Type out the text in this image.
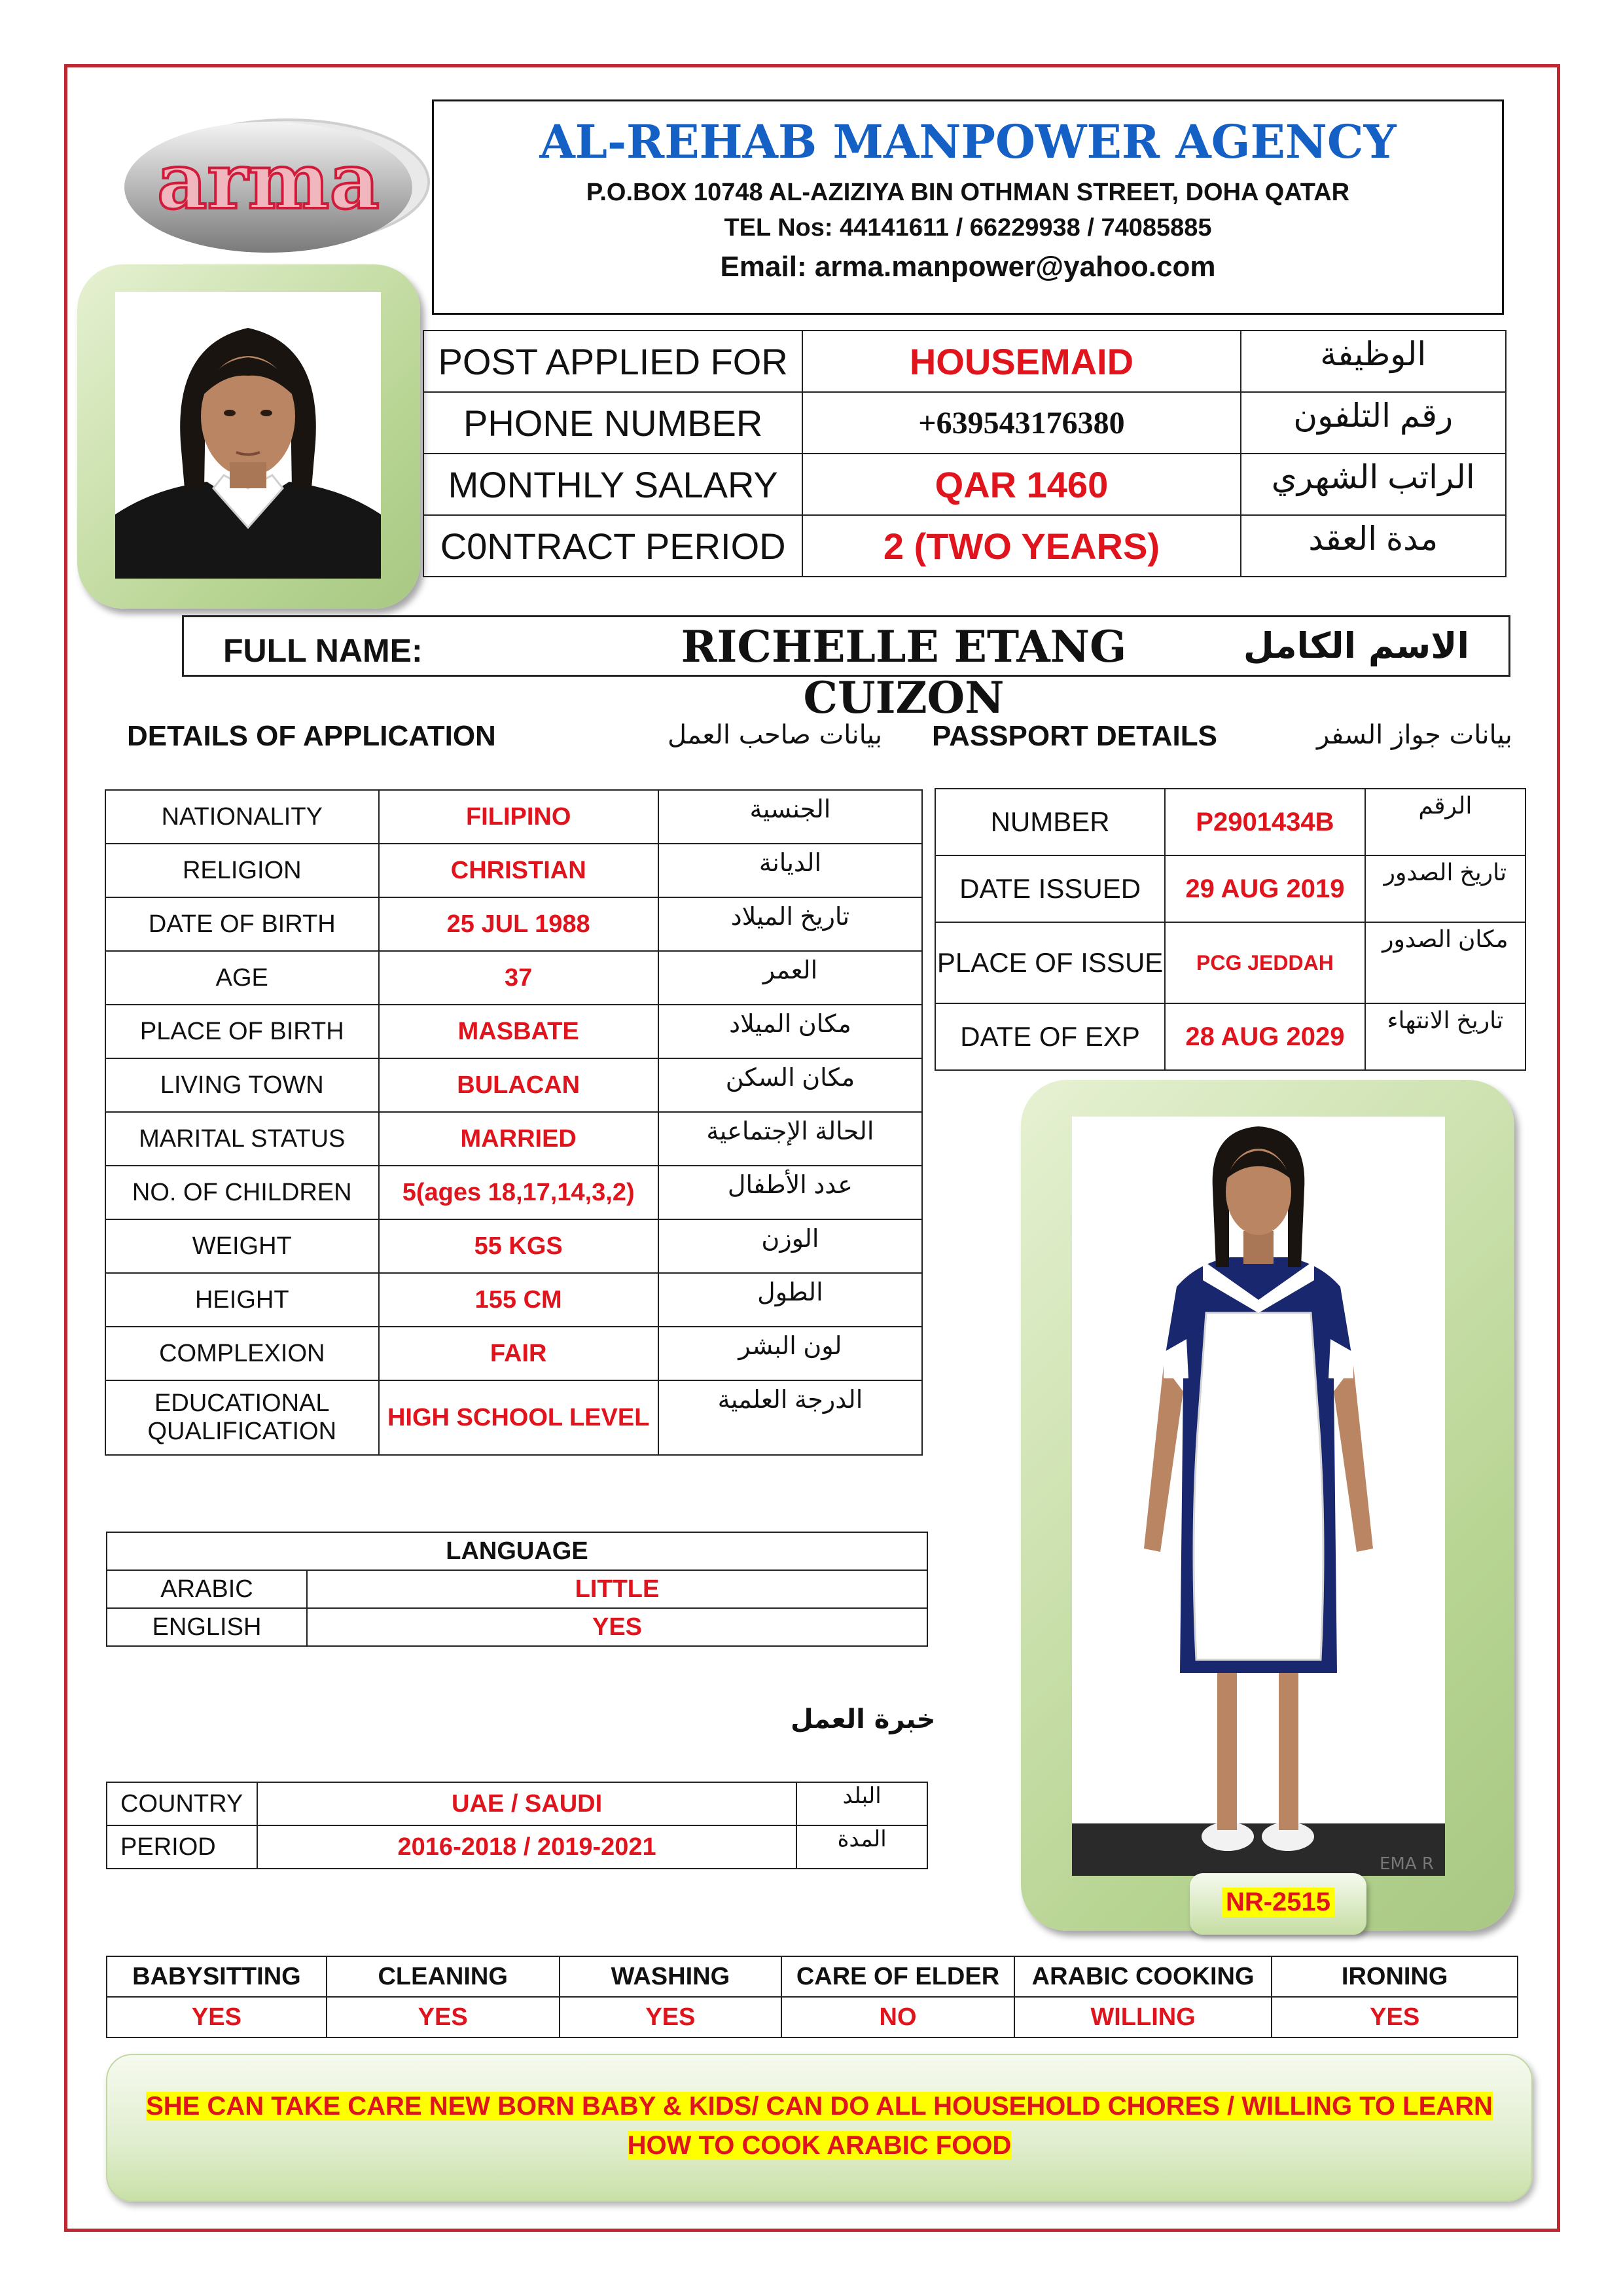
arma	AL-REHAB MANPOWER AGENCY
P.O.BOX 10748 AL-AZIZIYA BIN OTHMAN STREET, DOHA QATAR
TEL Nos: 44141611 / 66229938 / 74085885
Email: arma.manpower@yahoo.com
POST APPLIED FOR	HOUSEMAID	الوظيفة
PHONE NUMBER	+639543176380	رقم التلفون
MONTHLY SALARY	QAR 1460	الراتب الشهري
C0NTRACT PERIOD	2 (TWO YEARS)	مدة العقد
FULL NAME:	RICHELLE ETANG CUIZON
الاسم الكامل
DETAILS OF APPLICATION	بيانات صاحب العمل PASSPORT DETAILS	بيانات جواز السفر
NATIONALITY	FILIPINO	الجنسية
RELIGION	CHRISTIAN	الديانة
DATE OF BIRTH	25 JUL 1988	تاريخ الميلاد
AGE	37	العمر
PLACE OF BIRTH	MASBATE	مكان الميلاد
LIVING TOWN	BULACAN	مكان السكن
MARITAL STATUS	MARRIED	الحالة الإجتماعية
NO. OF CHILDREN	5(ages 18,17,14,3,2)	عدد الأطفال
WEIGHT	55 KGS	الوزن
HEIGHT	155 CM	الطول
COMPLEXION	FAIR	لون البشر
EDUCATIONAL QUALIFICATION	HIGH SCHOOL LEVEL	الدرجة العلمية
NUMBER	P2901434B	الرقم
DATE ISSUED	29 AUG 2019	تاريخ الصدور
PLACE OF ISSUE	PCG JEDDAH	مكان الصدور
DATE OF EXP	28 AUG 2029	تاريخ الانتهاء
EMA R
LANGUAGE	
ARABIC	LITTLE
ENGLISH	YES
خبرة العمل
COUNTRY	UAE / SAUDI	البلد
PERIOD	2016-2018 / 2019-2021	المدة
NR-2515
BABYSITTING	CLEANING	WASHING	CARE OF ELDER	ARABIC COOKING	IRONING
YES	YES	YES	NO	WILLING	YES
SHE CAN TAKE CARE NEW BORN BABY & KIDS/ CAN DO ALL HOUSEHOLD CHORES / WILLING TO LEARN HOW TO COOK ARABIC FOOD
